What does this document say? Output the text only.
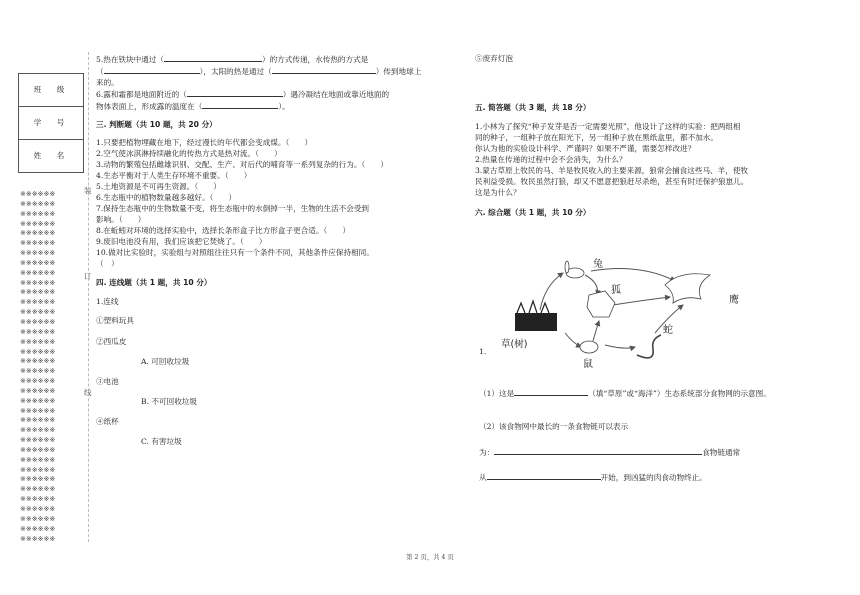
班　级
学　号
姓　名
※※※※※※
※※※※※※
※※※※※※
※※※※※※
※※※※※※
※※※※※※
※※※※※※
※※※※※※
※※※※※※
※※※※※※
※※※※※※
※※※※※※
※※※※※※
※※※※※※
※※※※※※
※※※※※※
※※※※※※
※※※※※※
※※※※※※
※※※※※※
※※※※※※
※※※※※※
※※※※※※
※※※※※※
※※※※※※
※※※※※※
※※※※※※
※※※※※※
※※※※※※
※※※※※※
※※※※※※
※※※※※※
※※※※※※
※※※※※※
※※※※※※
※※※※※※
装
订
线

5.热在铁块中通过（	）的方式传递，水传热的方式是

（	），太阳的热是通过（	）传到地球上

来的。

6.露和霜都是地面附近的（	）遇冷凝结在地面或靠近地面的

物体表面上，形成露的温度在（	）。

三. 判断题（共 10 题，共 20 分）

1.只要把植物埋藏在地下，经过漫长的年代都会变成煤。（　　）

2.空气使冰淇淋持续融化的传热方式是热对流。（　　）

3.动物的繁殖包括雌雄识别、交配、生产、对后代的哺育等一系列复杂的行为。（　　）

4.生态平衡对于人类生存环境不重要。（　　）

5.土地资源是不可再生资源。（　　）

6.生态瓶中的植物数量越多越好。（　　）

7.保持生态瓶中的生物数量不变，将生态瓶中的水倒掉一半，生物的生活不会受到

影响。（　　）

8.在蚯蚓对环境的选择实验中，选择长条形盒子比方形盒子更合适。（　　）

9.废旧电池没有用，我们应该把它焚烧了。（　　）

10.做对比实验时，实验组与对照组往往只有一个条件不同，其他条件应保持相同。

（　）

四. 连线题（共 1 题，共 10 分）

1.连线

①塑料玩具

②西瓜皮

A. 可回收垃圾

③电池

B. 不可回收垃圾

④纸杯

C. 有害垃圾

⑤废弃灯泡

五. 简答题（共 3 题，共 18 分）

1.小林为了探究“种子发芽是否一定需要光照”，他设计了这样的实验：把两组相

同的种子，一组种子放在阳光下，另一组种子放在黑纸盒里，都不加水。

你认为他的实验设计科学、严谨吗？如果不严谨，需要怎样改进？

2.热量在传递的过程中会不会消失，为什么？

3.蒙古草原上牧民的马、羊是牧民收入的主要来源，狼常会捕食这些马、羊，使牧

民利益受损。牧民虽然打狼，却又不愿意把狼赶尽杀绝，甚至有时还保护狼崽儿。

这是为什么？

六. 综合题（共 1 题，共 10 分）

兔
狐
鹰
草(树)
鼠
蛇
1.
（1）这是	（填“草原”或“海洋”）生态系统部分食物网的示意图。
（2）该食物网中最长的一条食物链可以表示
为：	食物链通常
从	开始，到凶猛的肉食动物终止。
第 2 页，共 4 页
